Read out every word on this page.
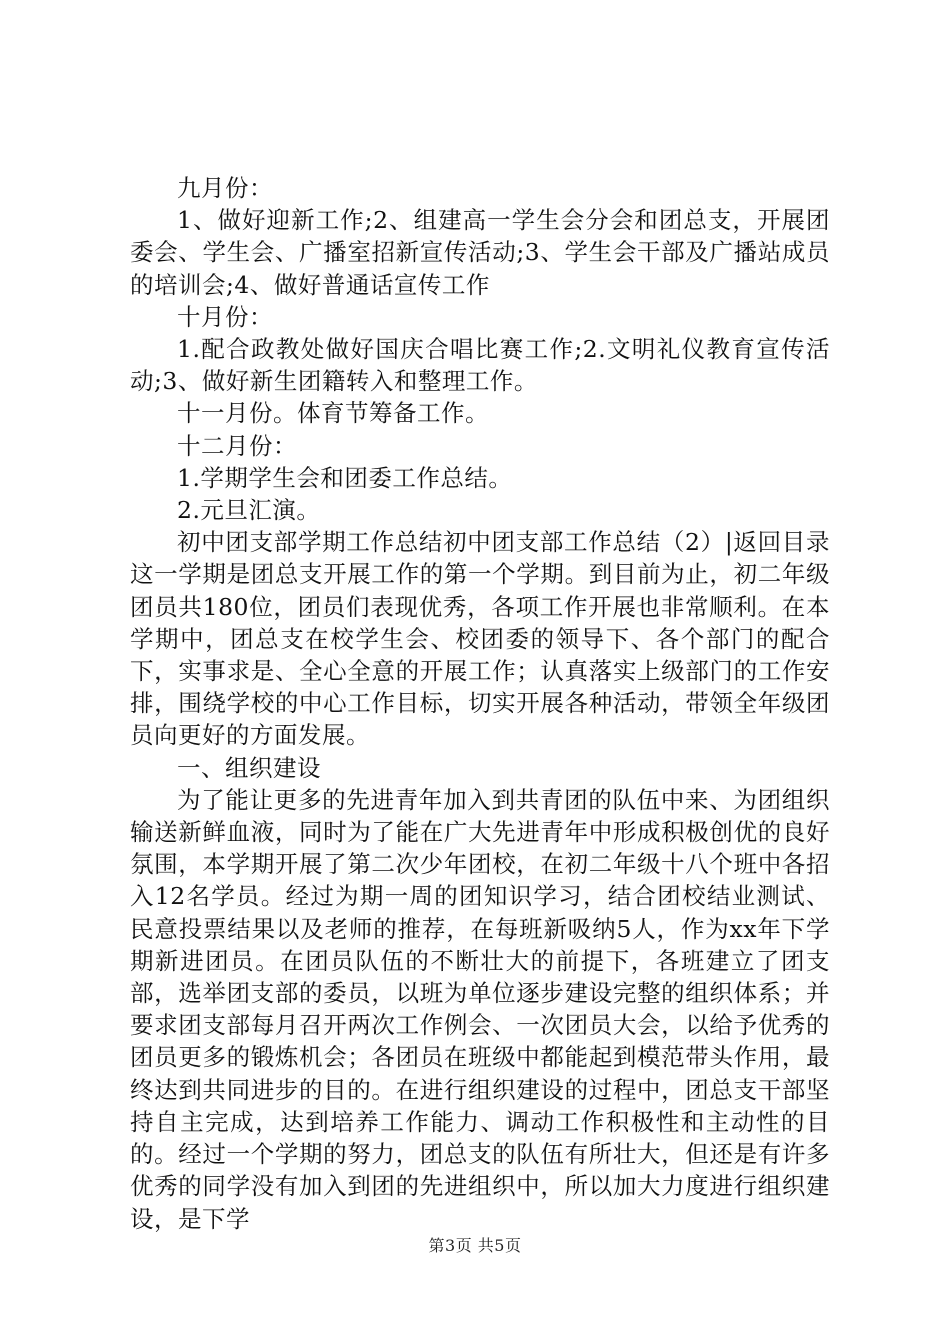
九月份：

1、做好迎新工作;2、组建高一学生会分会和团总支，开展团委会、学生会、广播室招新宣传活动;3、学生会干部及广播站成员的培训会;4、做好普通话宣传工作

十月份：

1.配合政教处做好国庆合唱比赛工作;2.文明礼仪教育宣传活动;3、做好新生团籍转入和整理工作。

十一月份。体育节筹备工作。

十二月份：

1.学期学生会和团委工作总结。

2.元旦汇演。

初中团支部学期工作总结初中团支部工作总结（2）|返回目录这一学期是团总支开展工作的第一个学期。到目前为止，初二年级团员共180位，团员们表现优秀，各项工作开展也非常顺利。在本学期中，团总支在校学生会、校团委的领导下、各个部门的配合下，实事求是、全心全意的开展工作；认真落实上级部门的工作安排，围绕学校的中心工作目标，切实开展各种活动，带领全年级团员向更好的方面发展。

一、组织建设

为了能让更多的先进青年加入到共青团的队伍中来、为团组织输送新鲜血液，同时为了能在广大先进青年中形成积极创优的良好氛围，本学期开展了第二次少年团校，在初二年级十八个班中各招入12名学员。经过为期一周的团知识学习，结合团校结业测试、民意投票结果以及老师的推荐，在每班新吸纳5人，作为xx年下学期新进团员。在团员队伍的不断壮大的前提下，各班建立了团支部，选举团支部的委员，以班为单位逐步建设完整的组织体系；并要求团支部每月召开两次工作例会、一次团员大会，以给予优秀的团员更多的锻炼机会；各团员在班级中都能起到模范带头作用，最终达到共同进步的目的。在进行组织建设的过程中，团总支干部坚持自主完成，达到培养工作能力、调动工作积极性和主动性的目的。经过一个学期的努力，团总支的队伍有所壮大，但还是有许多优秀的同学没有加入到团的先进组织中，所以加大力度进行组织建设，是下学

第3页 共5页
